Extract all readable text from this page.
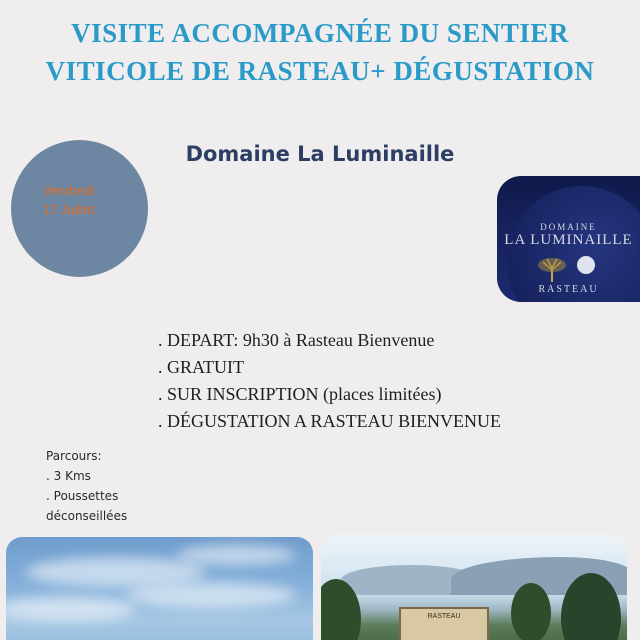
VISITE ACCOMPAGNÉE DU SENTIER
VITICOLE DE RASTEAU+ DÉGUSTATION
Vendredi
17 Juillet
Domaine La Luminaille
DOMAINE
LA LUMINAILLE
RASTEAU
. DEPART: 9h30 à Rasteau Bienvenue
. GRATUIT
. SUR INSCRIPTION (places limitées)
. DÉGUSTATION A RASTEAU BIENVENUE
Parcours:
. 3 Kms
. Poussettes
déconseillées
RASTEAU
